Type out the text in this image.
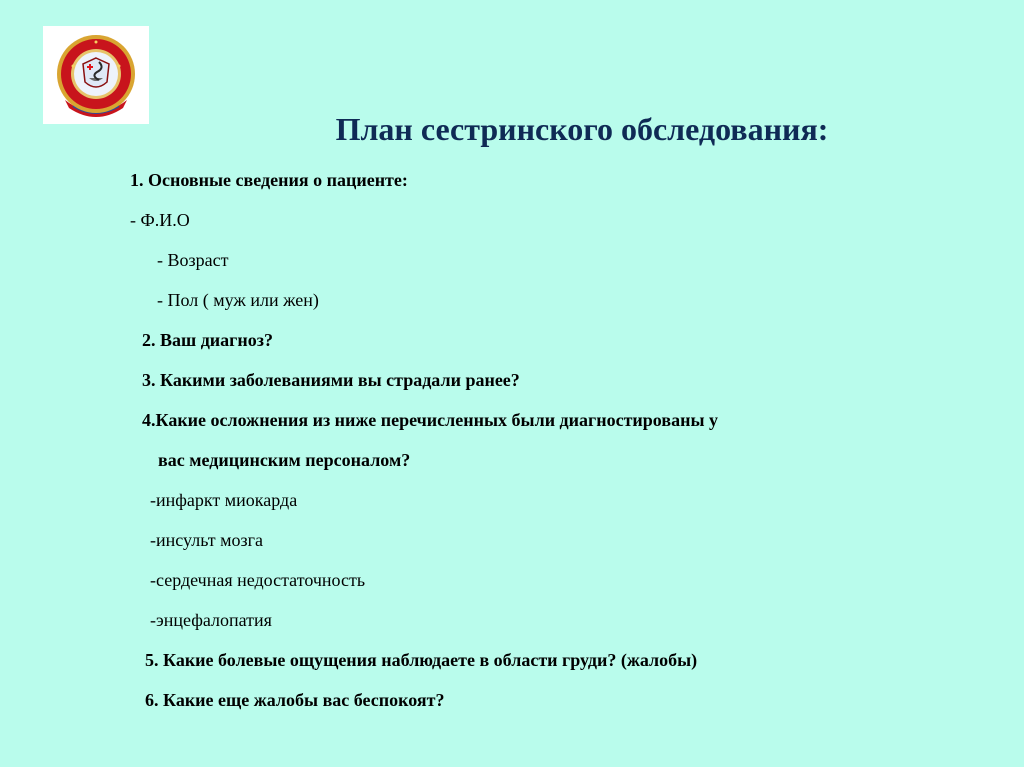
План сестринского обследования:
1. Основные сведения о пациенте:
- Ф.И.О
- Возраст
- Пол ( муж или жен)
2. Ваш диагноз?
3. Какими заболеваниями вы страдали ранее?
4.Какие осложнения из ниже перечисленных были диагностированы у
вас медицинским персоналом?
-инфаркт миокарда
-инсульт мозга
-сердечная недостаточность
-энцефалопатия
5. Какие болевые ощущения наблюдаете в области груди? (жалобы)
6. Какие еще жалобы вас беспокоят?
